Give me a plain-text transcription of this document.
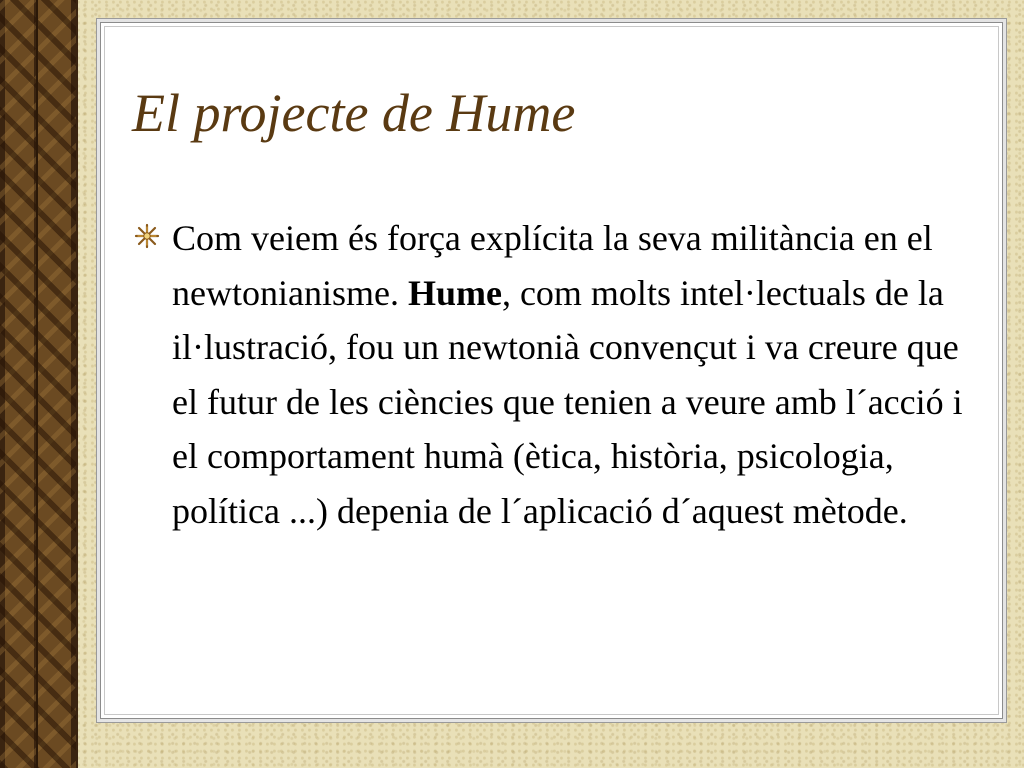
El projecte de Hume

Com veiem és força explícita la seva militància en el newtonianisme. Hume, com molts intel·lectuals de la il·lustració, fou un newtonià convençut i va creure que el futur de les ciències que tenien a veure amb l´acció i el comportament humà (ètica, història, psicologia, política ...) depenia de l´aplicació d´aquest mètode.
